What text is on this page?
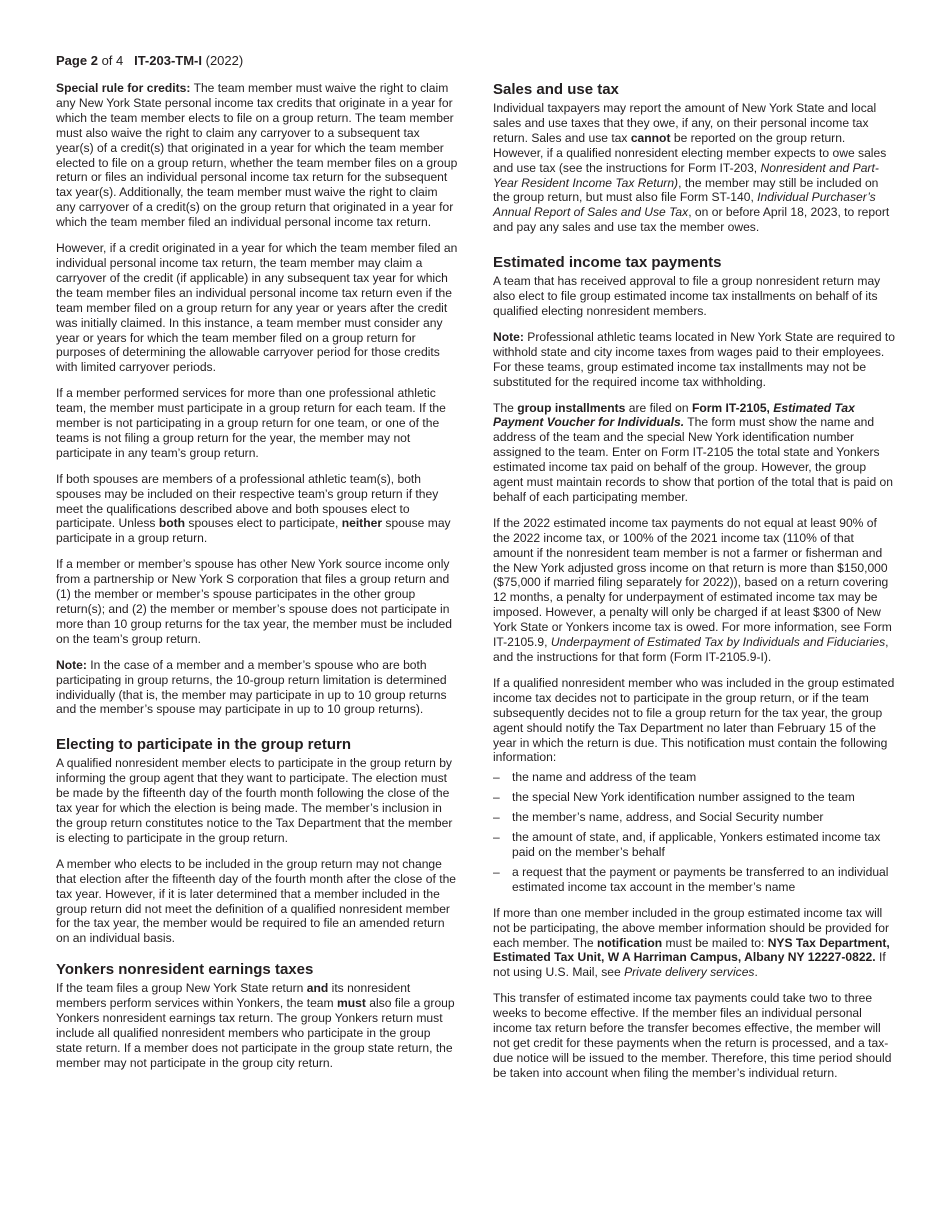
Page 2 of 4 IT-203-TM-I (2022)

Special rule for credits: The team member must waive the right to claim any New York State personal income tax credits that originate in a year for which the team member elects to file on a group return. The team member must also waive the right to claim any carryover to a subsequent tax year(s) of a credit(s) that originated in a year for which the team member elected to file on a group return, whether the team member files on a group return or files an individual personal income tax return for the subsequent tax year(s). Additionally, the team member must waive the right to claim any carryover of a credit(s) on the group return that originated in a year for which the team member filed an individual personal income tax return.

However, if a credit originated in a year for which the team member filed an individual personal income tax return, the team member may claim a carryover of the credit (if applicable) in any subsequent tax year for which the team member files an individual personal income tax return even if the team member filed on a group return for any year or years after the credit was initially claimed. In this instance, a team member must consider any year or years for which the team member filed on a group return for purposes of determining the allowable carryover period for those credits with limited carryover periods.

If a member performed services for more than one professional athletic team, the member must participate in a group return for each team. If the member is not participating in a group return for one team, or one of the teams is not filing a group return for the year, the member may not participate in any team’s group return.

If both spouses are members of a professional athletic team(s), both spouses may be included on their respective team’s group return if they meet the qualifications described above and both spouses elect to participate. Unless both spouses elect to participate, neither spouse may participate in a group return.

If a member or member’s spouse has other New York source income only from a partnership or New York S corporation that files a group return and (1) the member or member’s spouse participates in the other group return(s); and (2) the member or member’s spouse does not participate in more than 10 group returns for the tax year, the member must be included on the team’s group return.

Note: In the case of a member and a member’s spouse who are both participating in group returns, the 10-group return limitation is determined individually (that is, the member may participate in up to 10 group returns and the member’s spouse may participate in up to 10 group returns).

Electing to participate in the group return

A qualified nonresident member elects to participate in the group return by informing the group agent that they want to participate. The election must be made by the fifteenth day of the fourth month following the close of the tax year for which the election is being made. The member’s inclusion in the group return constitutes notice to the Tax Department that the member is electing to participate in the group return.

A member who elects to be included in the group return may not change that election after the fifteenth day of the fourth month after the close of the tax year. However, if it is later determined that a member included in the group return did not meet the definition of a qualified nonresident member for the tax year, the member would be required to file an amended return on an individual basis.

Yonkers nonresident earnings taxes

If the team files a group New York State return and its nonresident members perform services within Yonkers, the team must also file a group Yonkers nonresident earnings tax return. The group Yonkers return must include all qualified nonresident members who participate in the group state return. If a member does not participate in the group state return, the member may not participate in the group city return.

Sales and use tax

Individual taxpayers may report the amount of New York State and local sales and use taxes that they owe, if any, on their personal income tax return. Sales and use tax cannot be reported on the group return. However, if a qualified nonresident electing member expects to owe sales and use tax (see the instructions for Form IT-203, Nonresident and Part-Year Resident Income Tax Return), the member may still be included on the group return, but must also file Form ST-140, Individual Purchaser’s Annual Report of Sales and Use Tax, on or before April 18, 2023, to report and pay any sales and use tax the member owes.

Estimated income tax payments

A team that has received approval to file a group nonresident return may also elect to file group estimated income tax installments on behalf of its qualified electing nonresident members.

Note: Professional athletic teams located in New York State are required to withhold state and city income taxes from wages paid to their employees. For these teams, group estimated income tax installments may not be substituted for the required income tax withholding.

The group installments are filed on Form IT-2105, Estimated Tax Payment Voucher for Individuals. The form must show the name and address of the team and the special New York identification number assigned to the team. Enter on Form IT-2105 the total state and Yonkers estimated income tax paid on behalf of the group. However, the group agent must maintain records to show that portion of the total that is paid on behalf of each participating member.

If the 2022 estimated income tax payments do not equal at least 90% of the 2022 income tax, or 100% of the 2021 income tax (110% of that amount if the nonresident team member is not a farmer or fisherman and the New York adjusted gross income on that return is more than $150,000 ($75,000 if married filing separately for 2022)), based on a return covering 12 months, a penalty for underpayment of estimated income tax may be imposed. However, a penalty will only be charged if at least $300 of New York State or Yonkers income tax is owed. For more information, see Form IT-2105.9, Underpayment of Estimated Tax by Individuals and Fiduciaries, and the instructions for that form (Form IT-2105.9-I).

If a qualified nonresident member who was included in the group estimated income tax decides not to participate in the group return, or if the team subsequently decides not to file a group return for the tax year, the group agent should notify the Tax Department no later than February 15 of the year in which the return is due. This notification must contain the following information:

– the name and address of the team
– the special New York identification number assigned to the team
– the member’s name, address, and Social Security number
– the amount of state, and, if applicable, Yonkers estimated income tax paid on the member’s behalf
– a request that the payment or payments be transferred to an individual estimated income tax account in the member’s name

If more than one member included in the group estimated income tax will not be participating, the above member information should be provided for each member. The notification must be mailed to: NYS Tax Department, Estimated Tax Unit, W A Harriman Campus, Albany NY 12227-0822. If not using U.S. Mail, see Private delivery services.

This transfer of estimated income tax payments could take two to three weeks to become effective. If the member files an individual personal income tax return before the transfer becomes effective, the member will not get credit for these payments when the return is processed, and a tax-due notice will be issued to the member. Therefore, this time period should be taken into account when filing the member’s individual return.
